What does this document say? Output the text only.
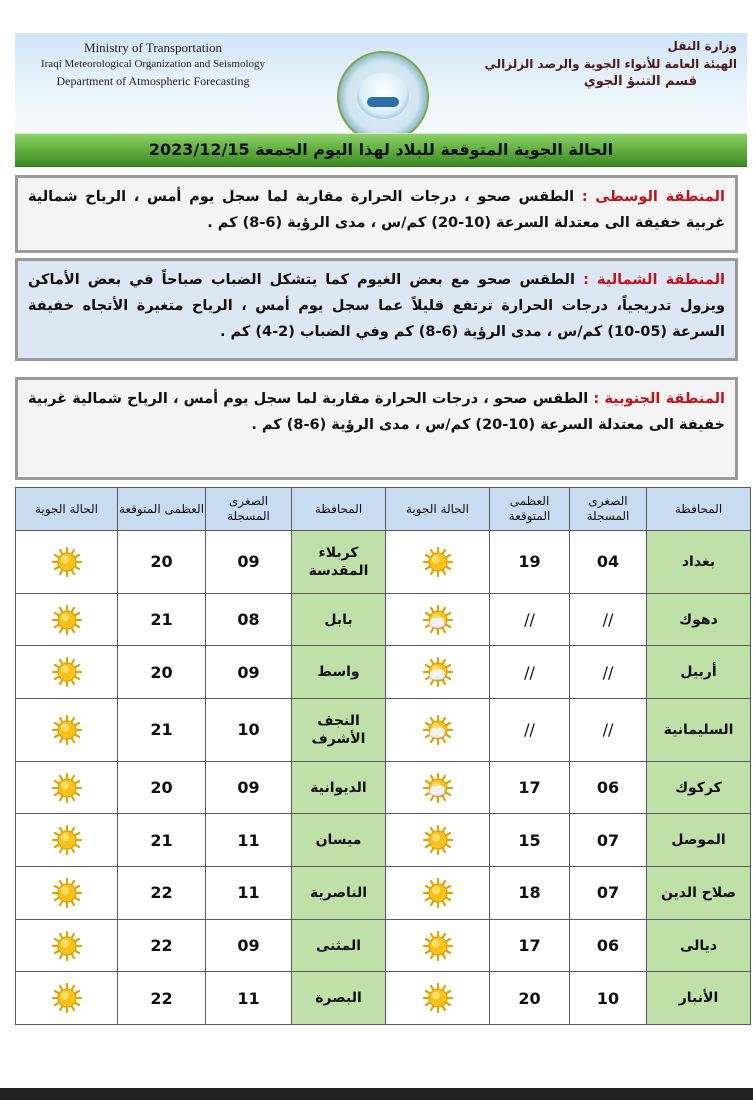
Ministry of Transportation
Iraqi Meteorological Organization and Seismology
Department of Atmospheric Forecasting
وزارة النقل
الهيئة العامة للأنواء الجوية والرصد الزلزالي
قسم التنبؤ الجوي
الحالة الجوية المتوقعة للبلاد لهذا اليوم الجمعة 2023/12/15
المنطقة الوسطى : الطقس صحو ، درجات الحرارة مقاربة لما سجل يوم أمس ، الرياح شمالية غربية خفيفة الى معتدلة السرعة (10-20) كم/س ، مدى الرؤية (6-8) كم .
المنطقة الشمالية : الطقس صحو مع بعض الغيوم كما يتشكل الضباب صباحاً في بعض الأماكن ويزول تدريجياً، درجات الحرارة ترتفع قليلاً عما سجل يوم أمس ، الرياح متغيرة الأتجاه خفيفة السرعة (05-10) كم/س ، مدى الرؤية (6-8) كم وفي الضباب (2-4) كم .
المنطقة الجنوبية : الطقس صحو ، درجات الحرارة مقاربة لما سجل يوم أمس ، الرياح شمالية غربية خفيفة الى معتدلة السرعة (10-20) كم/س ، مدى الرؤية (6-8) كم .
المحافظة	الصغرى المسجلة	العظمى المتوقعة	الحالة الجوية	المحافظة	الصغرى المسجلة	العظمى المتوقعة	الحالة الجوية
بغداد	04	19		كربلاء المقدسة	09	20	
دهوك	//	//		بابل	08	21	
أربيل	//	//		واسط	09	20	
السليمانية	//	//		النجف الأشرف	10	21	
كركوك	06	17		الديوانية	09	20	
الموصل	07	15		ميسان	11	21	
صلاح الدين	07	18		الناصرية	11	22	
ديالى	06	17		المثنى	09	22	
الأنبار	10	20		البصرة	11	22	
